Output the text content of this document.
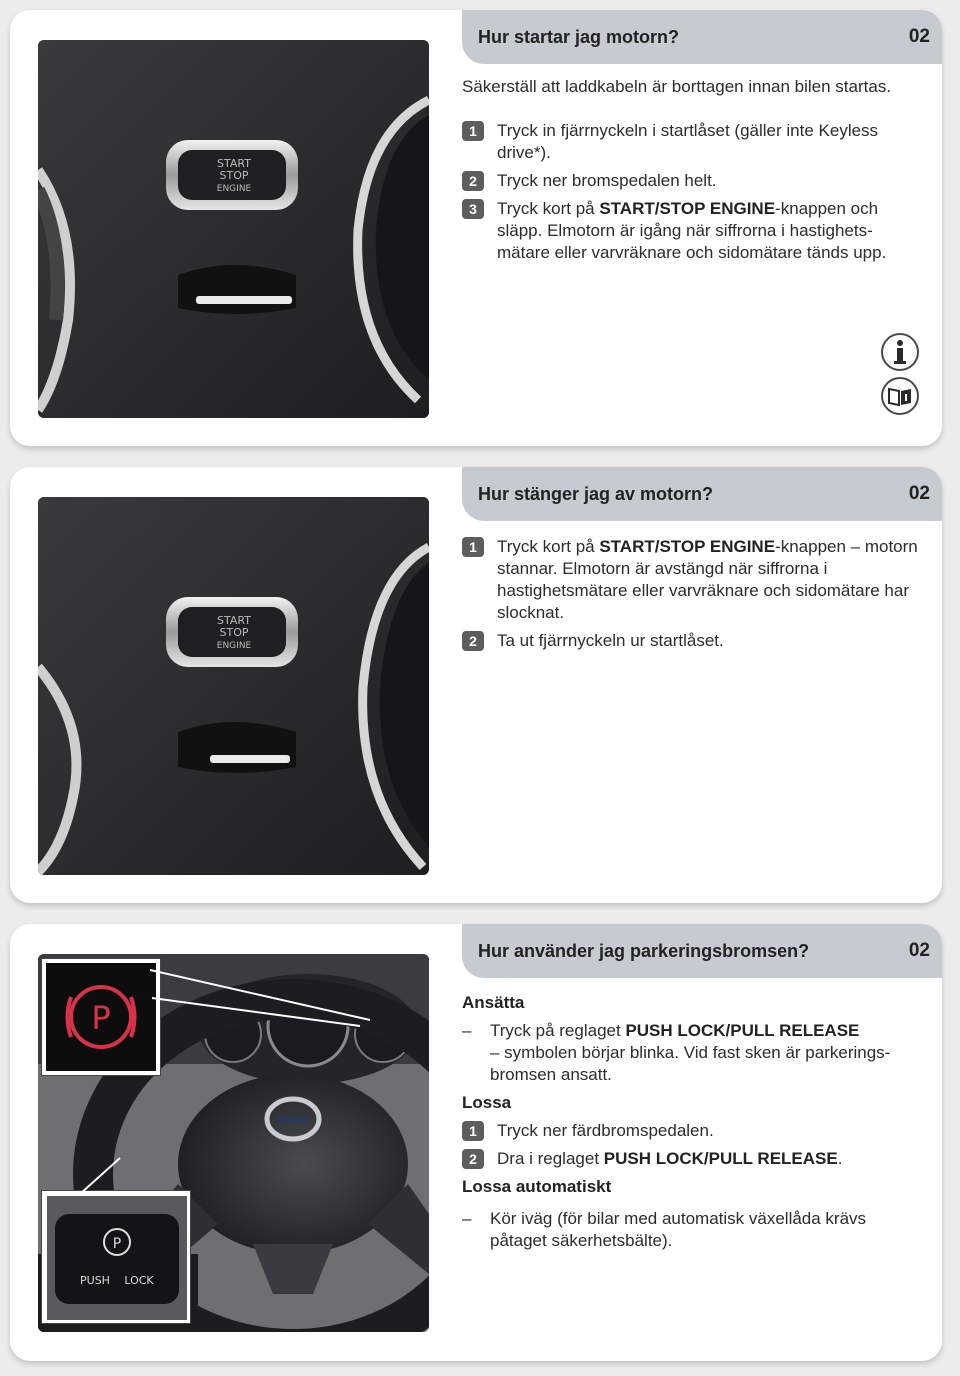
START
STOP
ENGINE
Hur startar jag motorn?	02

Säkerställ att laddkabeln är borttagen innan bilen startas.

1	Tryck in fjärrnyckeln i startlåset (gäller inte Keyless drive*).
2	Tryck ner bromspedalen helt.
3	Tryck kort på START/STOP ENGINE-knappen och släpp. Elmotorn är igång när siffrorna i hastighets-mätare eller varvräknare och sidomätare tänds upp.
START
STOP
ENGINE
Hur stänger jag av motorn?	02
1	Tryck kort på START/STOP ENGINE-knappen – motorn stannar. Elmotorn är avstängd när siffrorna i hastighetsmätare eller varvräknare och sidomätare har slocknat.
2	Ta ut fjärrnyckeln ur startlåset.
VOLVO
P
P
PUSH LOCK
Hur använder jag parkeringsbromsen?	02
Ansätta
– Tryck på reglaget PUSH LOCK/PULL RELEASE
– symbolen börjar blinka. Vid fast sken är parkerings-bromsen ansatt.
Lossa
1	Tryck ner färdbromspedalen.
2	Dra i reglaget PUSH LOCK/PULL RELEASE.
Lossa automatiskt
– Kör iväg (för bilar med automatisk växellåda krävs påtaget säkerhetsbälte).
